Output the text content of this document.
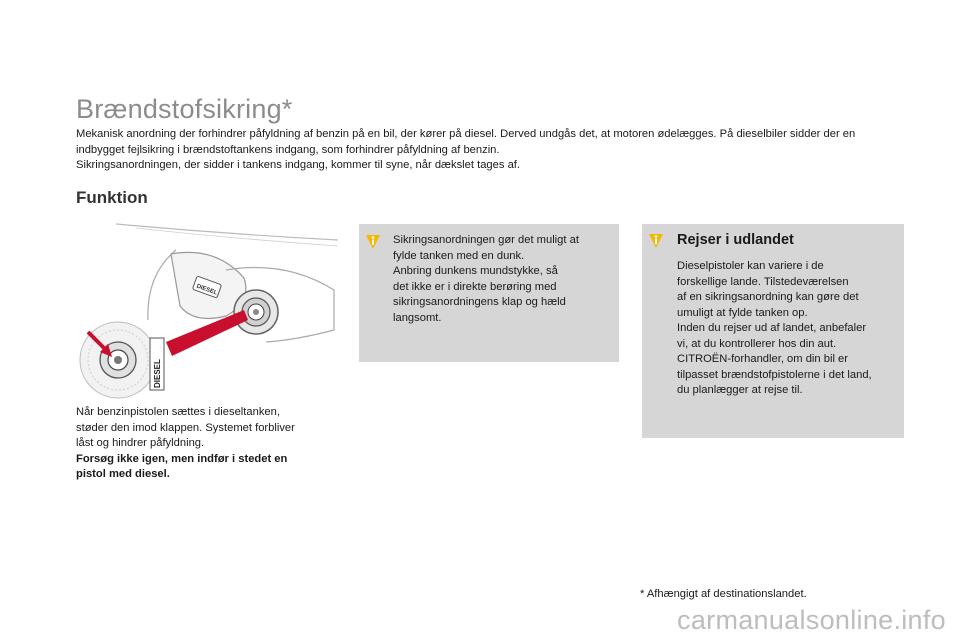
Brændstofsikring*

Mekanisk anordning der forhindrer påfyldning af benzin på en bil, der kører på diesel. Derved undgås det, at motoren ødelægges. På dieselbiler sidder der en indbygget fejlsikring i brændstoftankens indgang, som forhindrer påfyldning af benzin.

Sikringsanordningen, der sidder i tankens indgang, kommer til syne, når dækslet tages af.

Funktion
DIESEL
DIESEL

Når benzinpistolen sættes i dieseltanken,

støder den imod klappen. Systemet forbliver

låst og hindrer påfyldning.

Forsøg ikke igen, men indfør i stedet en

pistol med diesel.

Sikringsanordningen gør det muligt at

fylde tanken med en dunk.

Anbring dunkens mundstykke, så

det ikke er i direkte berøring med

sikringsanordningens klap og hæld

langsomt.

Rejser i udlandet

Dieselpistoler kan variere i de

forskellige lande. Tilstedeværelsen

af en sikringsanordning kan gøre det

umuligt at fylde tanken op.

Inden du rejser ud af landet, anbefaler

vi, at du kontrollerer hos din aut.

CITROËN-forhandler, om din bil er

tilpasset brændstofpistolerne i det land,

du planlægger at rejse til.

* Afhængigt af destinationslandet.
carmanualsonline.info
